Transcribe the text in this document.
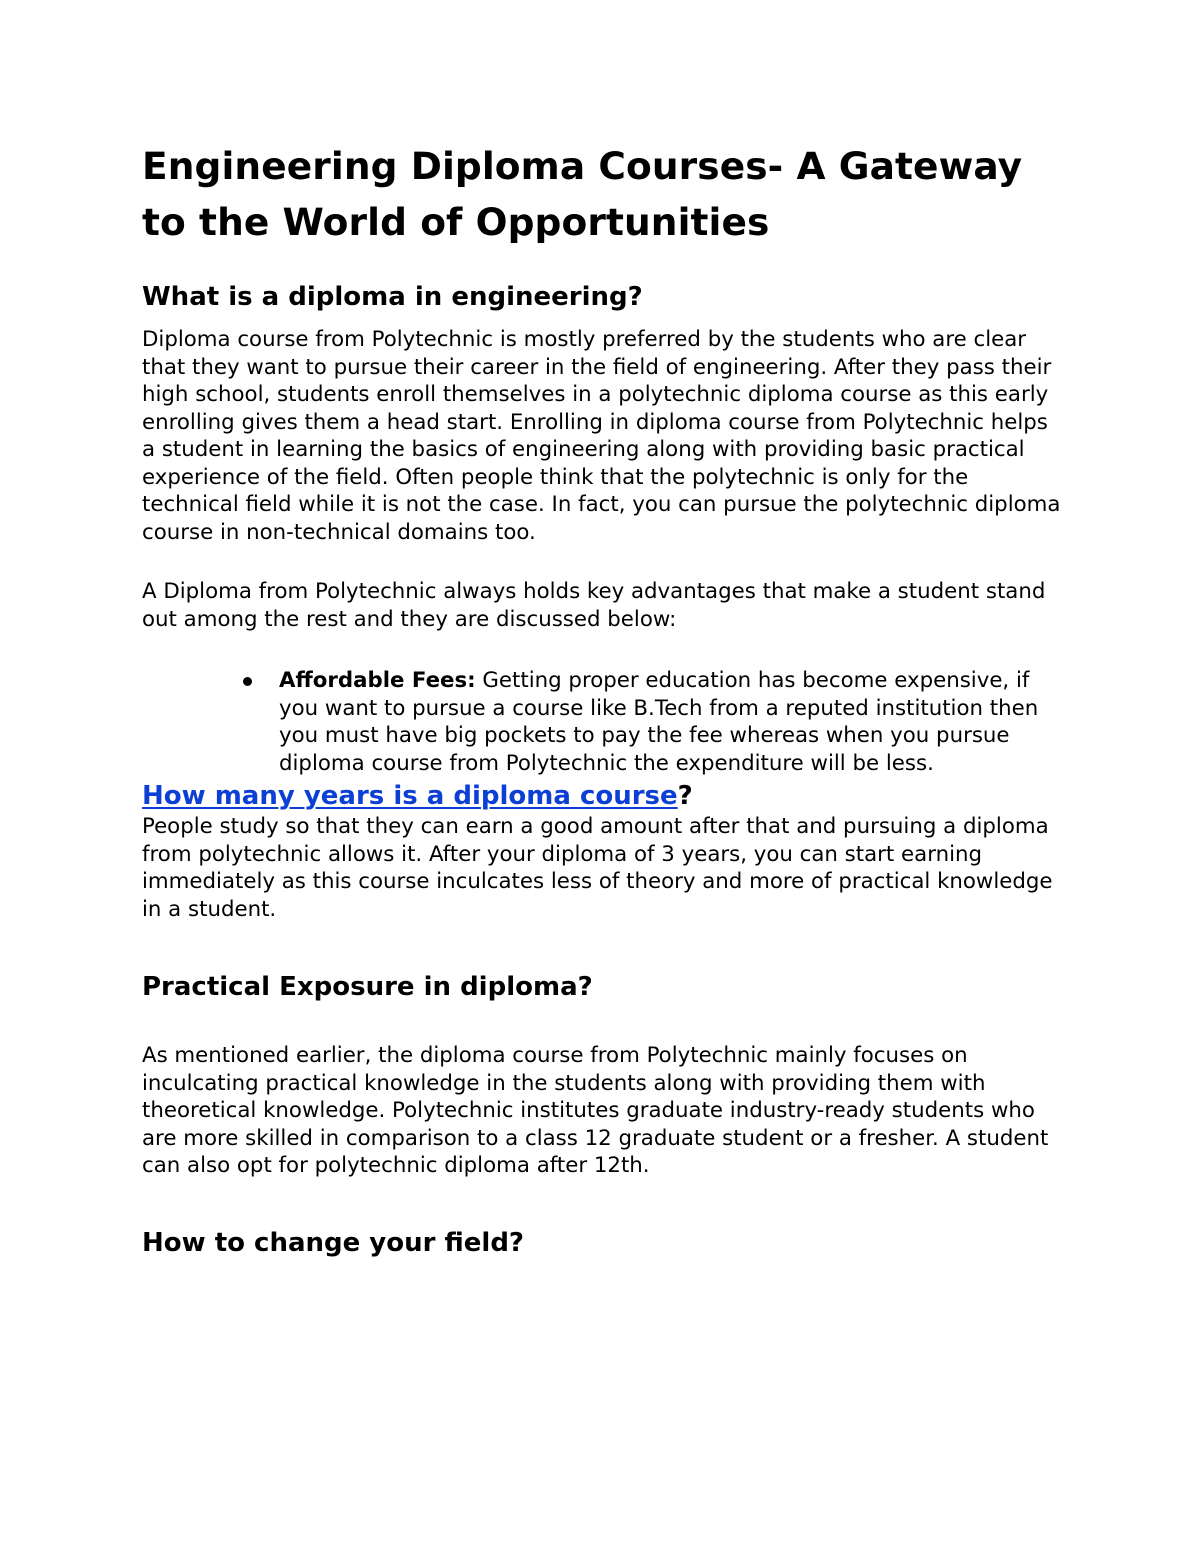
Engineering Diploma Courses- A Gateway to the World of Opportunities
What is a diploma in engineering?

Diploma course from Polytechnic is mostly preferred by the students who are clear that they want to pursue their career in the field of engineering. After they pass their high school, students enroll themselves in a polytechnic diploma course as this early enrolling gives them a head start. Enrolling in diploma course from Polytechnic helps a student in learning the basics of engineering along with providing basic practical experience of the field. Often people think that the polytechnic is only for the technical field while it is not the case. In fact, you can pursue the polytechnic diploma course in non-technical domains too.

A Diploma from Polytechnic always holds key advantages that make a student stand out among the rest and they are discussed below:

Affordable Fees: Getting proper education has become expensive, if you want to pursue a course like B.Tech from a reputed institution then you must have big pockets to pay the fee whereas when you pursue diploma course from Polytechnic the expenditure will be less.
How many years is a diploma course?

People study so that they can earn a good amount after that and pursuing a diploma from polytechnic allows it. After your diploma of 3 years, you can start earning immediately as this course inculcates less of theory and more of practical knowledge in a student.

Practical Exposure in diploma?

As mentioned earlier, the diploma course from Polytechnic mainly focuses on inculcating practical knowledge in the students along with providing them with theoretical knowledge. Polytechnic institutes graduate industry-ready students who are more skilled in comparison to a class 12 graduate student or a fresher. A student can also opt for polytechnic diploma after 12th.

How to change your field?
